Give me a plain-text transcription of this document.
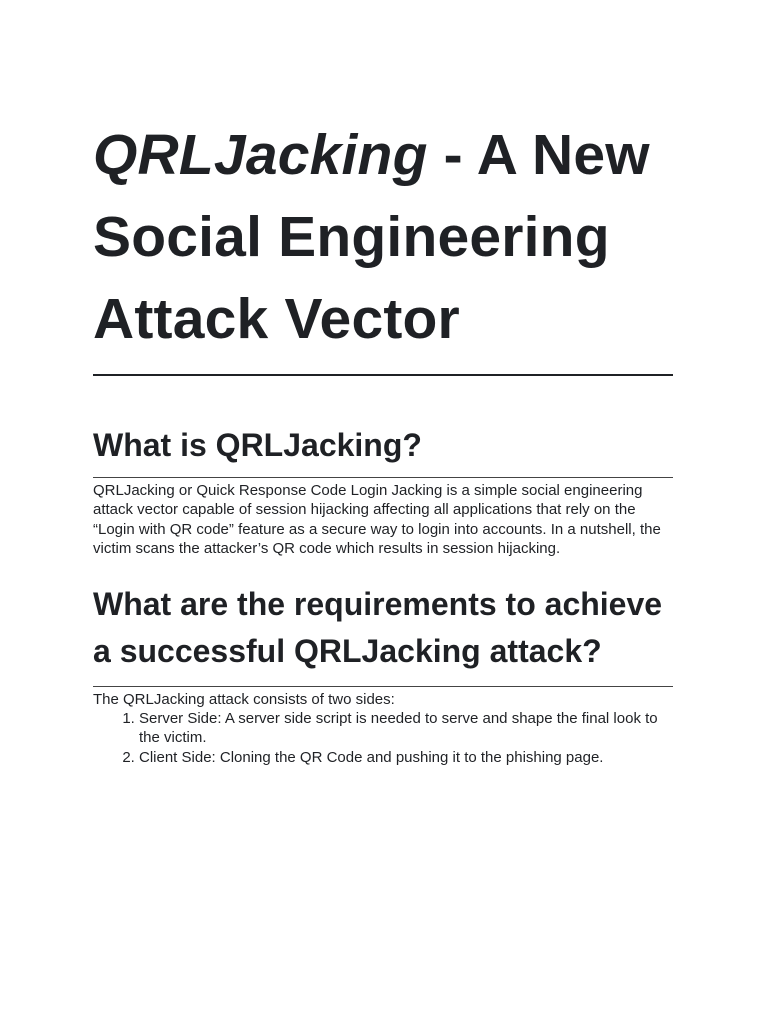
QRLJacking - A New Social Engineering Attack Vector
What is QRLJacking?

QRLJacking or Quick Response Code Login Jacking is a simple social engineering attack vector capable of session hijacking affecting all applications that rely on the “Login with QR code” feature as a secure way to login into accounts. In a nutshell, the victim scans the attacker’s QR code which results in session hijacking.

What are the requirements to achieve a successful QRLJacking attack?

The QRLJacking attack consists of two sides:

1. Server Side: A server side script is needed to serve and shape the final look to the victim.
2. Client Side: Cloning the QR Code and pushing it to the phishing page.
